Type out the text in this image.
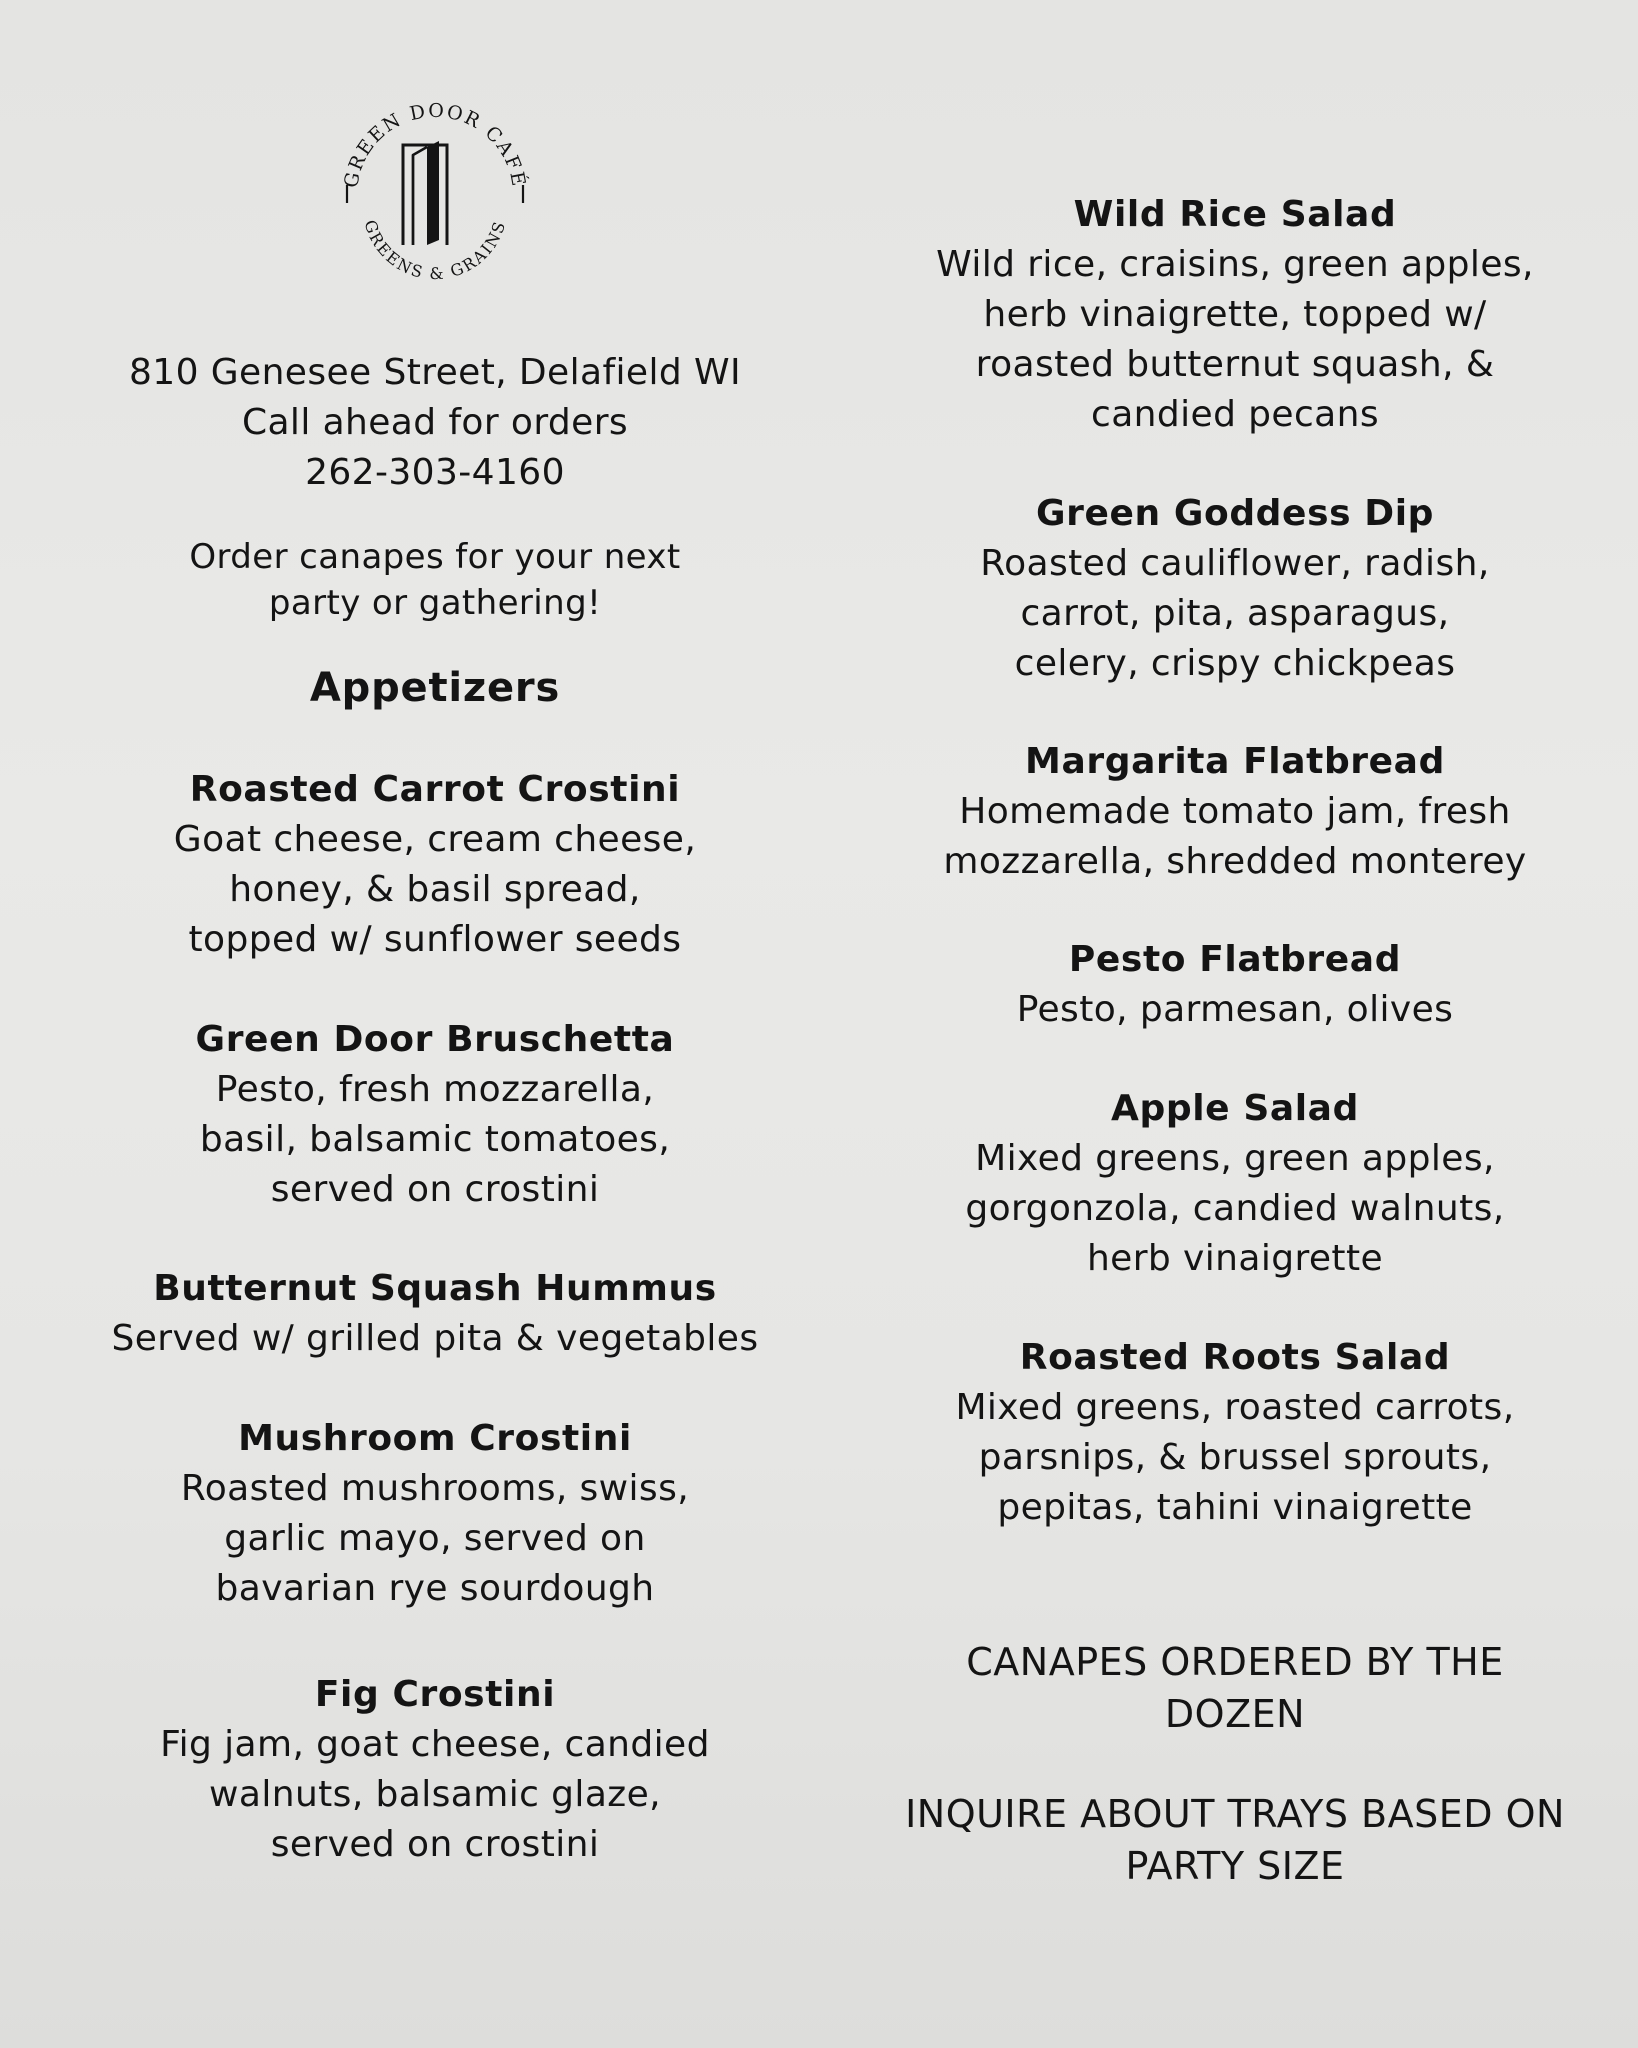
GREEN DOOR CAFÉ
GREENS & GRAINS
810 Genesee Street, Delafield WI
Call ahead for orders
262-303-4160
Order canapes for your next
party or gathering!
Appetizers
Roasted Carrot Crostini
Goat cheese, cream cheese,
honey, & basil spread,
topped w/ sunflower seeds
Green Door Bruschetta
Pesto, fresh mozzarella,
basil, balsamic tomatoes,
served on crostini
Butternut Squash Hummus
Served w/ grilled pita & vegetables
Mushroom Crostini
Roasted mushrooms, swiss,
garlic mayo, served on
bavarian rye sourdough
Fig Crostini
Fig jam, goat cheese, candied
walnuts, balsamic glaze,
served on crostini
Wild Rice Salad
Wild rice, craisins, green apples,
herb vinaigrette, topped w/
roasted butternut squash, &
candied pecans
Green Goddess Dip
Roasted cauliflower, radish,
carrot, pita, asparagus,
celery, crispy chickpeas
Margarita Flatbread
Homemade tomato jam, fresh
mozzarella, shredded monterey
Pesto Flatbread
Pesto, parmesan, olives
Apple Salad
Mixed greens, green apples,
gorgonzola, candied walnuts,
herb vinaigrette
Roasted Roots Salad
Mixed greens, roasted carrots,
parsnips, & brussel sprouts,
pepitas, tahini vinaigrette
CANAPES ORDERED BY THE
DOZEN
INQUIRE ABOUT TRAYS BASED ON
PARTY SIZE
